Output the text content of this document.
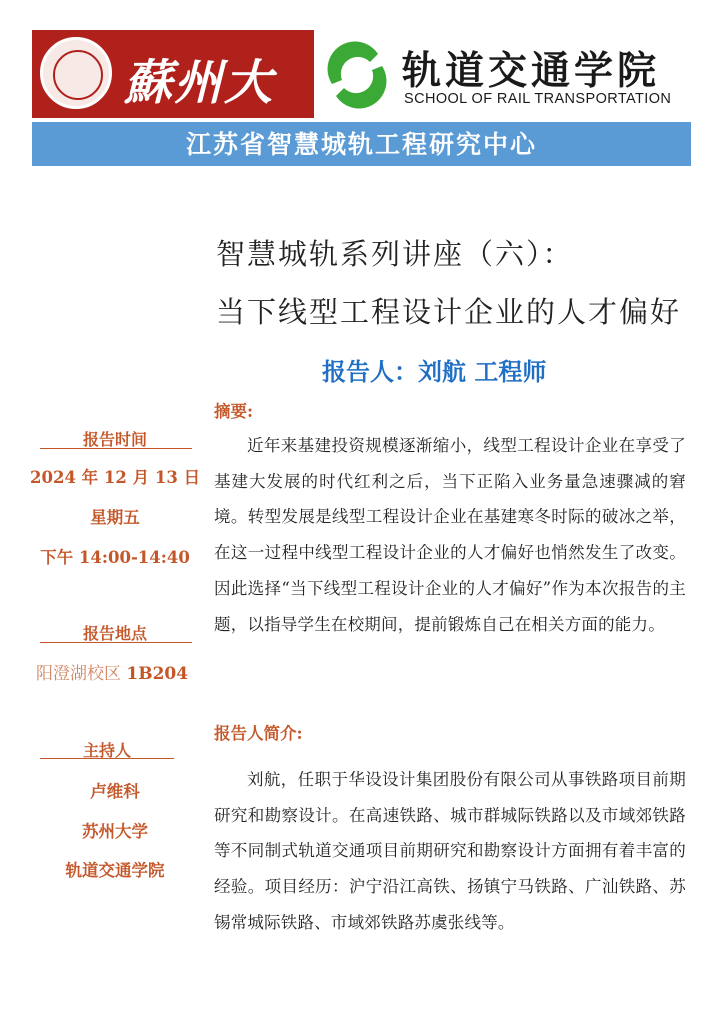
蘇州大	轨道交通学院
SCHOOL OF RAIL TRANSPORTATION
江苏省智慧城轨工程研究中心
智慧城轨系列讲座（六）：
当下线型工程设计企业的人才偏好
报告人：刘航 工程师
报告时间
2024 年 12 月 13 日
星期五
下午 14:00-14:40
报告地点
阳澄湖校区 1B204
主持人
卢维科
苏州大学
轨道交通学院
摘要:

近年来基建投资规模逐渐缩小，线型工程设计企业在享受了基建大发展的时代红利之后，当下正陷入业务量急速骤减的窘境。转型发展是线型工程设计企业在基建寒冬时际的破冰之举，在这一过程中线型工程设计企业的人才偏好也悄然发生了改变。因此选择“当下线型工程设计企业的人才偏好”作为本次报告的主题，以指导学生在校期间，提前锻炼自己在相关方面的能力。

报告人简介:

刘航，任职于华设设计集团股份有限公司从事铁路项目前期研究和勘察设计。在高速铁路、城市群城际铁路以及市域郊铁路等不同制式轨道交通项目前期研究和勘察设计方面拥有着丰富的经验。项目经历：沪宁沿江高铁、扬镇宁马铁路、广汕铁路、苏锡常城际铁路、市域郊铁路苏虞张线等。
